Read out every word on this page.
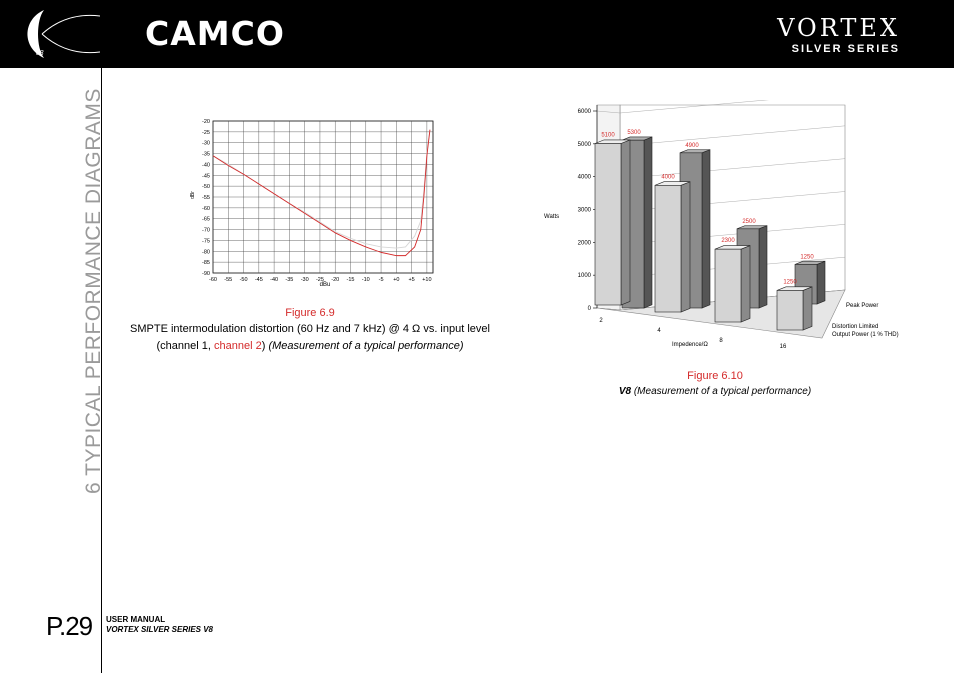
V8
CAMCO	VORTEX
SILVER SERIES
6 TYPICAL PERFORMANCE DIAGRAMS	-60 -55 -50 -45 -40 -35 -30 -25 -20 -15 -10 -5 +0 +5 +10
-20
-25
-30
-35
-40
-45
-50
-55
-60
-65
-70
-75
-80
-85
-90
dBu
dBr
Figure 6.9
SMPTE intermodulation distortion (60 Hz and 7 kHz) @ 4 Ω vs. input level
(channel 1, channel 2) (Measurement of a typical performance)
0
1000
2000
3000
4000
5000
6000
2
4
8
16
5300
4900
2500
1250
5100
4000
2300
1250
Watts
Impedence/Ω
Peak Power
Distortion Limited
Output Power (1 % THD)
Figure 6.10
V8 (Measurement of a typical performance)
P.29 USER MANUAL
VORTEX SILVER SERIES V8
